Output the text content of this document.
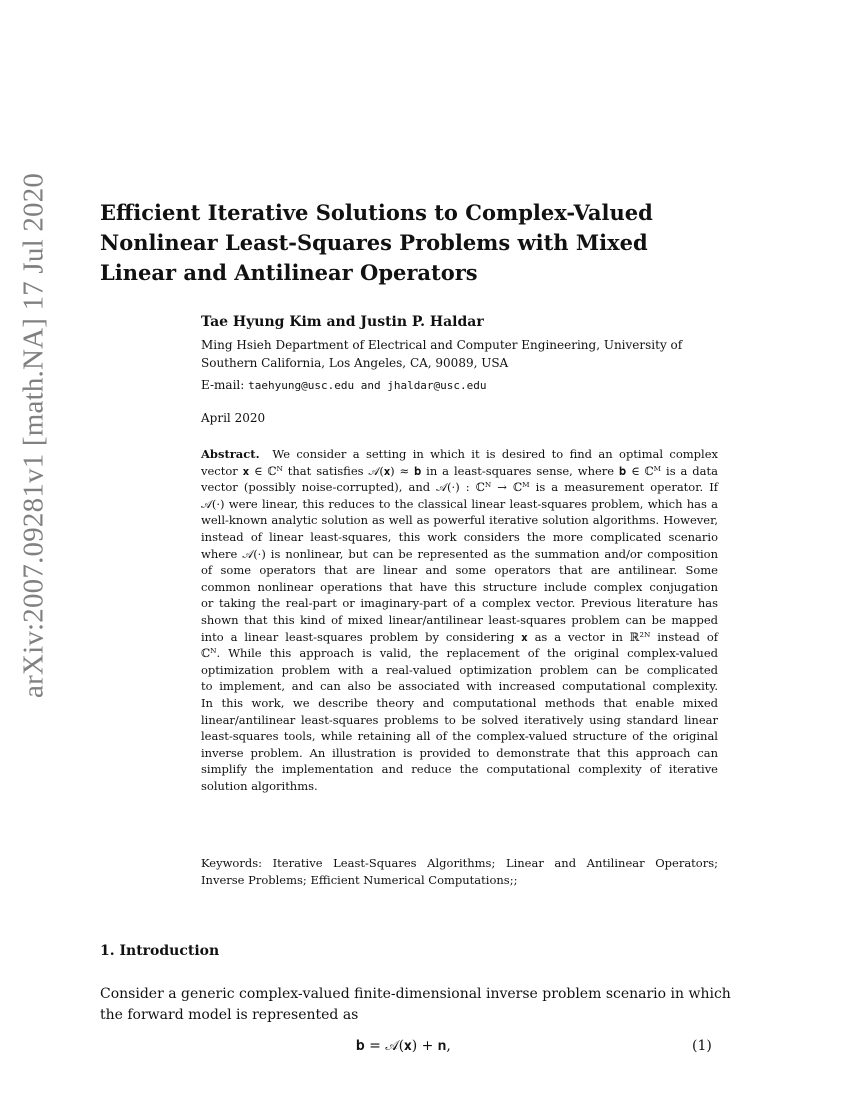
arXiv:2007.09281v1 [math.NA] 17 Jul 2020 Efficient Iterative Solutions to Complex-Valued
Nonlinear Least-Squares Problems with Mixed
Linear and Antilinear Operators

Tae Hyung Kim and Justin P. Haldar

Ming Hsieh Department of Electrical and Computer Engineering, University of
Southern California, Los Angeles, CA, 90089, USA

E-mail: taehyung@usc.edu and jhaldar@usc.edu

April 2020

Abstract. We consider a setting in which it is desired to find an optimal complex
vector 𝐱 ∈ ℂᴺ that satisfies 𝒜(𝐱) ≈ 𝐛 in a least-squares sense, where 𝐛 ∈ ℂᴹ is a data
vector (possibly noise-corrupted), and 𝒜(·) : ℂᴺ → ℂᴹ is a measurement operator. If
𝒜(·) were linear, this reduces to the classical linear least-squares problem, which has a
well-known analytic solution as well as powerful iterative solution algorithms. However,
instead of linear least-squares, this work considers the more complicated scenario
where 𝒜(·) is nonlinear, but can be represented as the summation and/or composition
of some operators that are linear and some operators that are antilinear. Some
common nonlinear operations that have this structure include complex conjugation
or taking the real-part or imaginary-part of a complex vector. Previous literature has
shown that this kind of mixed linear/antilinear least-squares problem can be mapped
into a linear least-squares problem by considering 𝐱 as a vector in ℝ²ᴺ instead of
ℂᴺ. While this approach is valid, the replacement of the original complex-valued
optimization problem with a real-valued optimization problem can be complicated
to implement, and can also be associated with increased computational complexity.
In this work, we describe theory and computational methods that enable mixed
linear/antilinear least-squares problems to be solved iteratively using standard linear
least-squares tools, while retaining all of the complex-valued structure of the original
inverse problem. An illustration is provided to demonstrate that this approach can
simplify the implementation and reduce the computational complexity of iterative
solution algorithms.
Keywords: Iterative Least-Squares Algorithms; Linear and Antilinear Operators;
Inverse Problems; Efficient Numerical Computations;;
1. Introduction
Consider a generic complex-valued finite-dimensional inverse problem scenario in which
the forward model is represented as
𝐛 = 𝒜(𝐱) + 𝐧,	(1)
